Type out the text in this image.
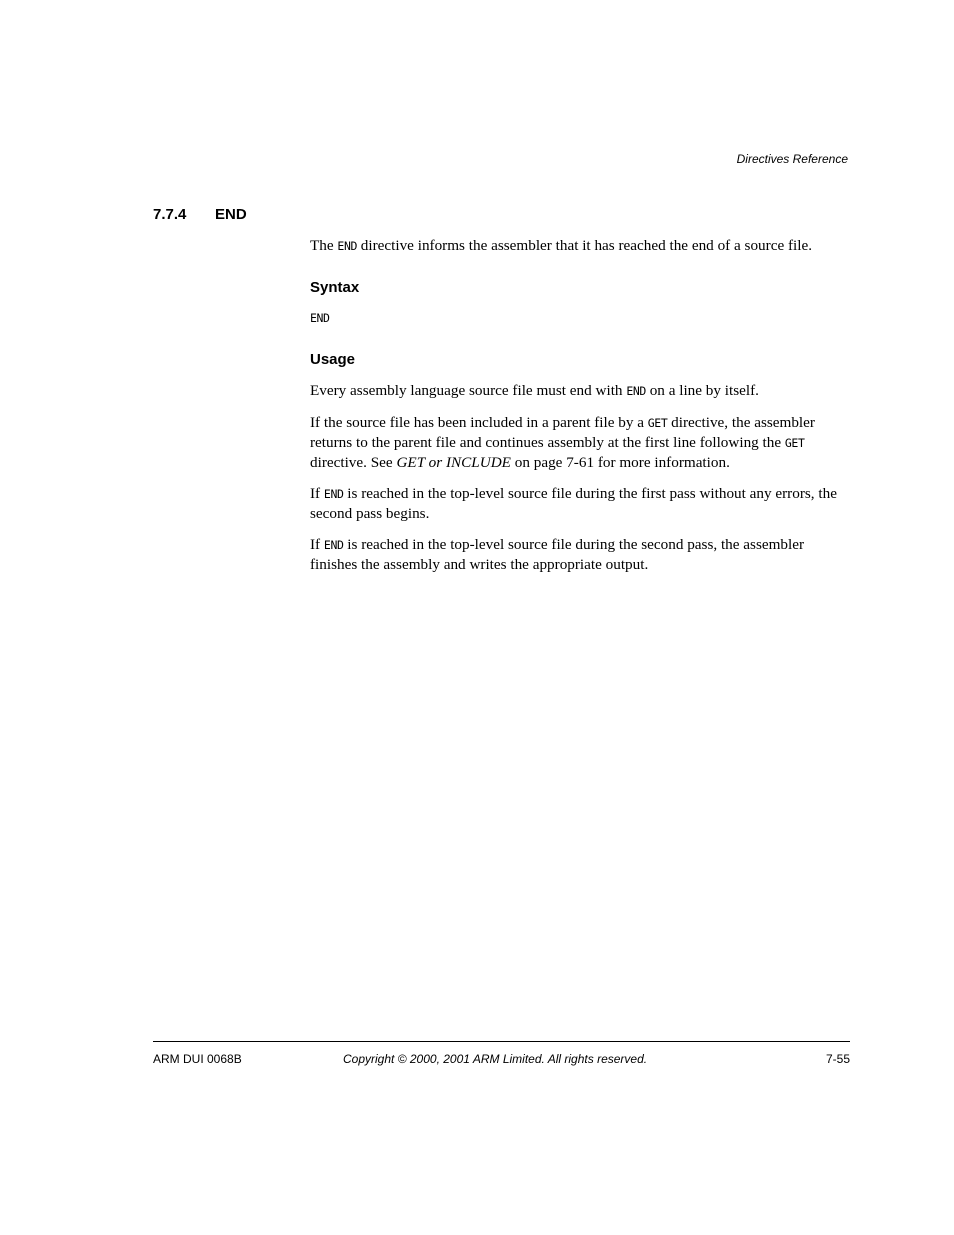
Directives Reference
7.7.4 END

The END directive informs the assembler that it has reached the end of a source file.

Syntax
END
Usage

Every assembly language source file must end with END on a line by itself.

If the source file has been included in a parent file by a GET directive, the assembler returns to the parent file and continues assembly at the first line following the GET directive. See GET or INCLUDE on page 7-61 for more information.

If END is reached in the top-level source file during the first pass without any errors, the second pass begins.

If END is reached in the top-level source file during the second pass, the assembler finishes the assembly and writes the appropriate output.

ARM DUI 0068B	Copyright © 2000, 2001 ARM Limited. All rights reserved.	7-55
